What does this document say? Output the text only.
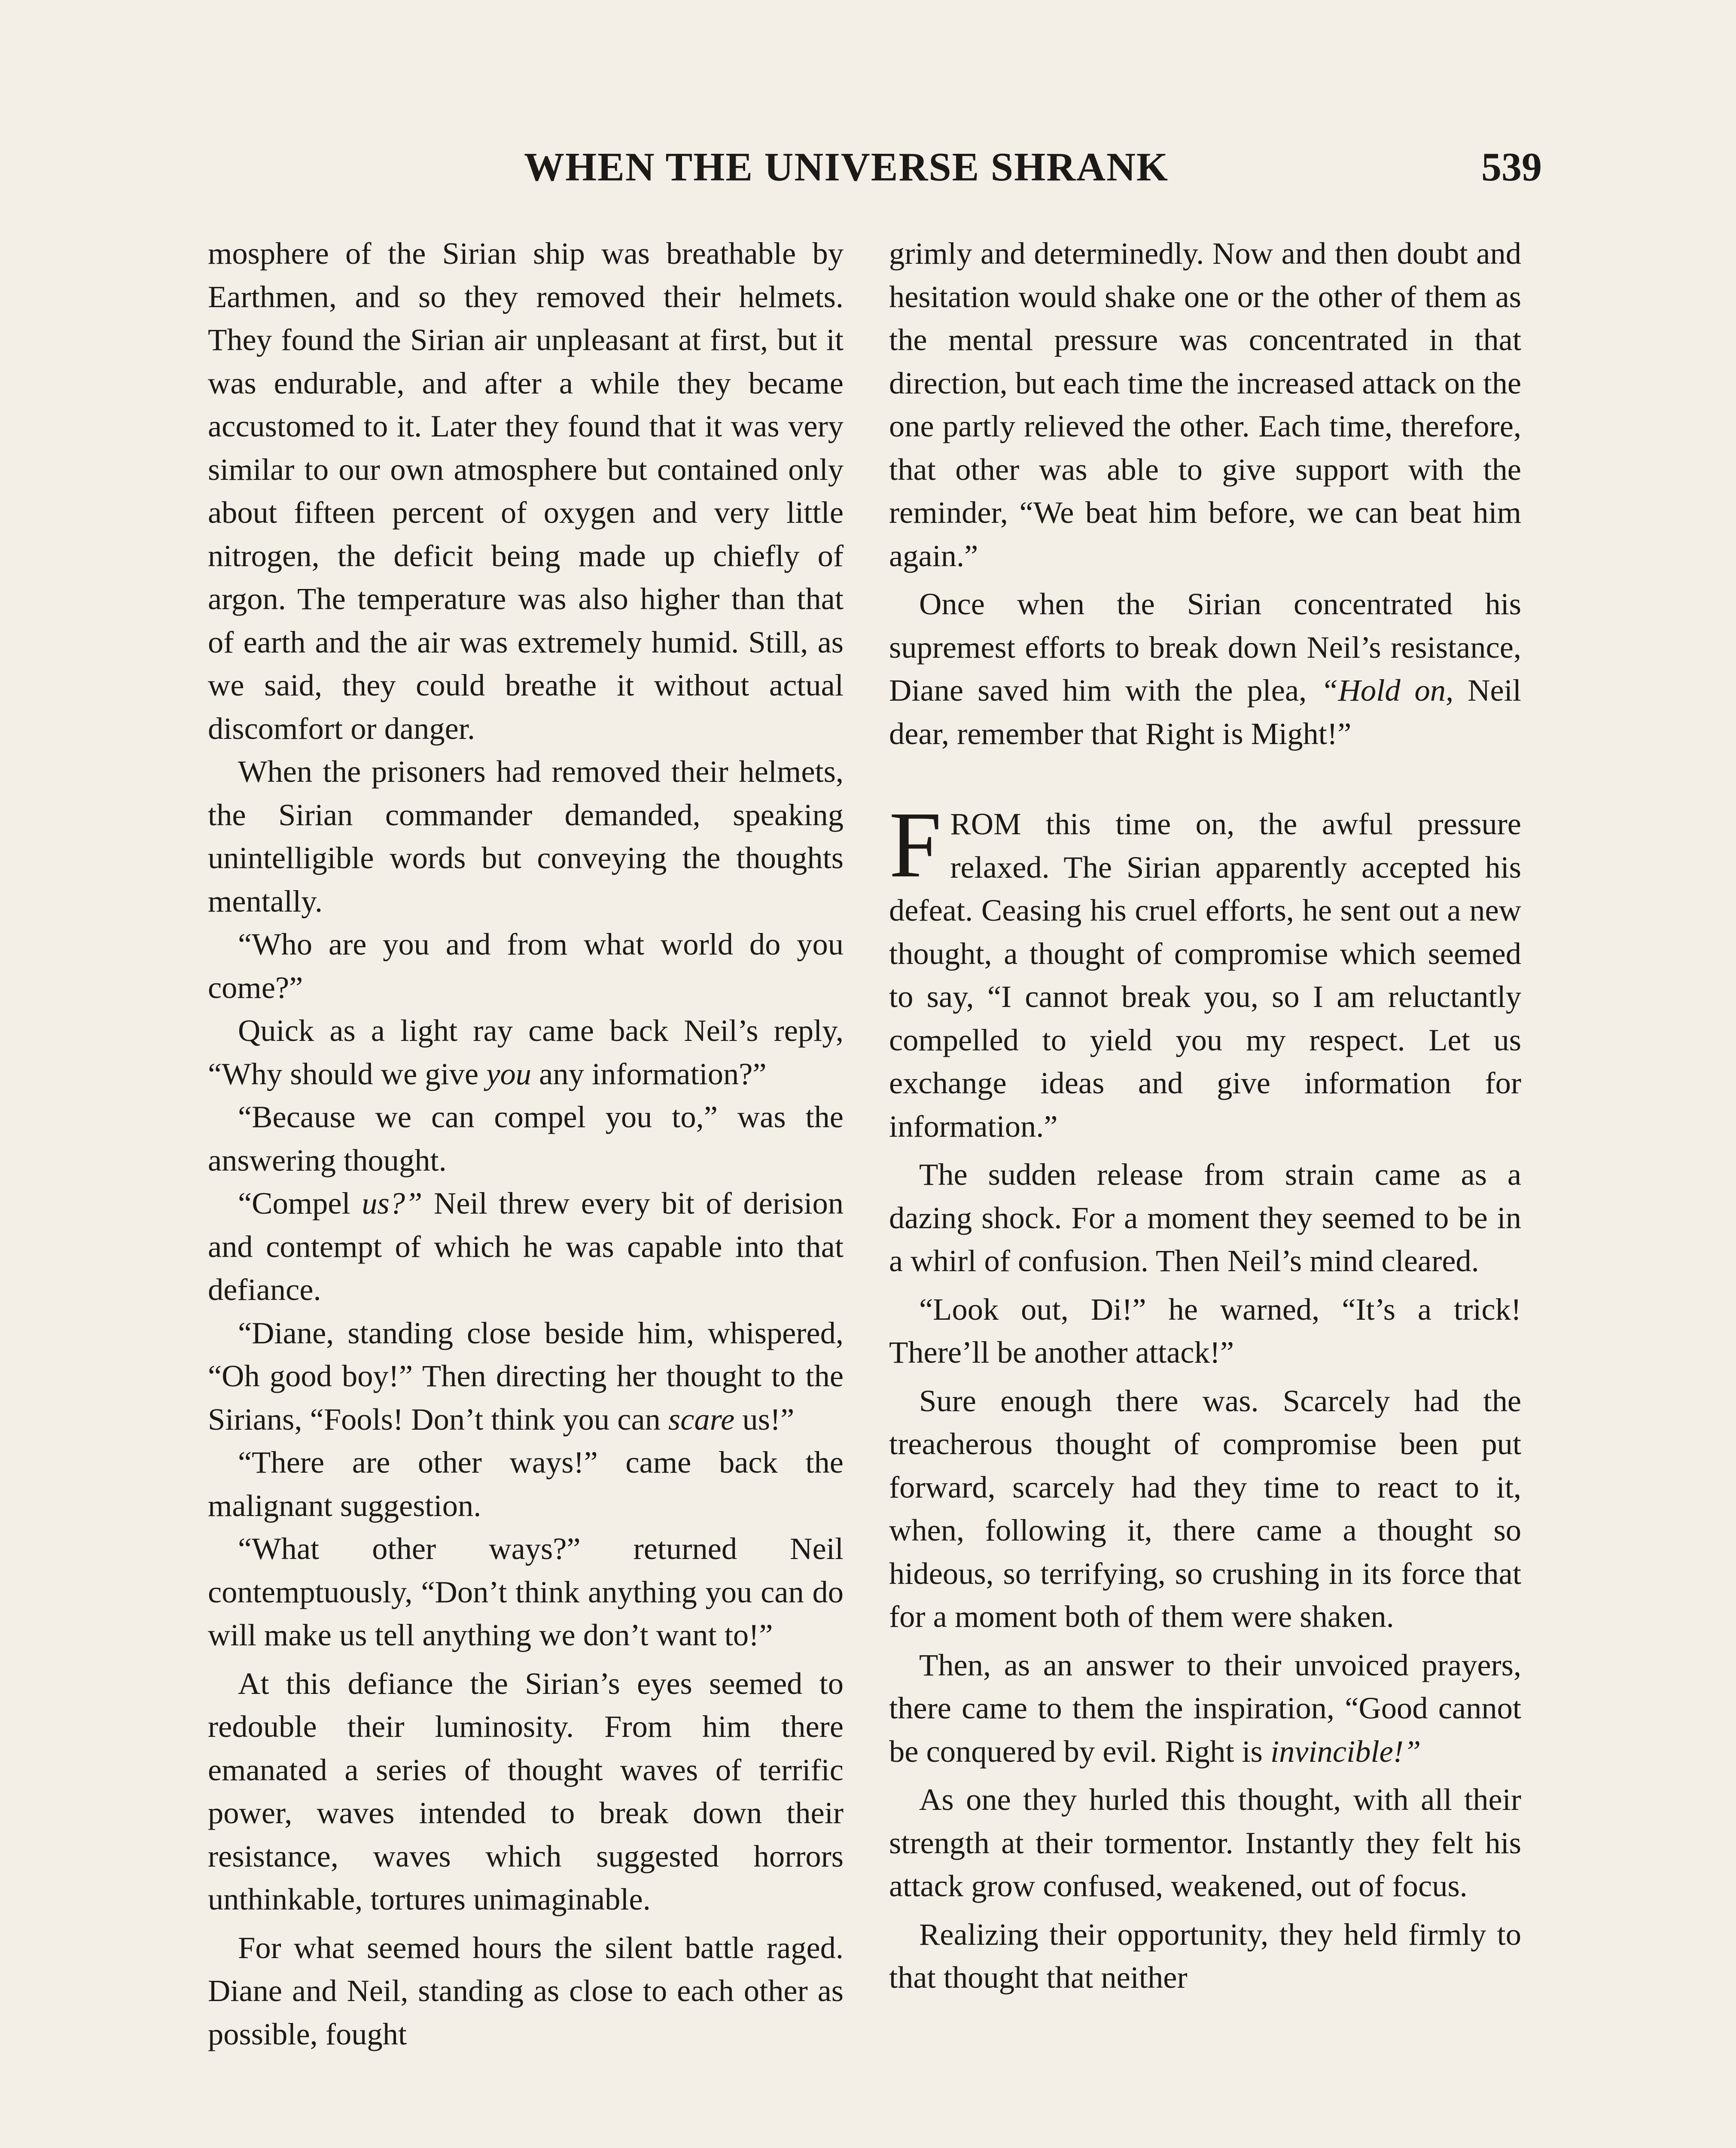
WHEN THE UNIVERSE SHRANK	539

mosphere of the Sirian ship was breathable by Earthmen, and so they removed their helmets. They found the Sirian air unpleasant at first, but it was endurable, and after a while they became accustomed to it. Later they found that it was very similar to our own atmosphere but contained only about fifteen percent of oxygen and very little nitrogen, the deficit being made up chiefly of argon. The temperature was also higher than that of earth and the air was extremely humid. Still, as we said, they could breathe it without actual discomfort or danger.

When the prisoners had removed their helmets, the Sirian commander demanded, speaking unintelligible words but conveying the thoughts mentally.

“Who are you and from what world do you come?”

Quick as a light ray came back Neil’s reply, “Why should we give you any information?”

“Because we can compel you to,” was the answering thought.

“Compel us?” Neil threw every bit of derision and contempt of which he was capable into that defiance.

“Diane, standing close beside him, whispered, “Oh good boy!” Then directing her thought to the Sirians, “Fools! Don’t think you can scare us!”

“There are other ways!” came back the malignant suggestion.

“What other ways?” returned Neil contemptuously, “Don’t think anything you can do will make us tell anything we don’t want to!”

At this defiance the Sirian’s eyes seemed to redouble their luminosity. From him there emanated a series of thought waves of terrific power, waves intended to break down their resistance, waves which suggested horrors unthinkable, tortures unimaginable.

For what seemed hours the silent battle raged. Diane and Neil, standing as close to each other as possible, fought

grimly and determinedly. Now and then doubt and hesitation would shake one or the other of them as the mental pressure was concentrated in that direction, but each time the increased attack on the one partly relieved the other. Each time, therefore, that other was able to give support with the reminder, “We beat him before, we can beat him again.”

Once when the Sirian concentrated his supremest efforts to break down Neil’s resistance, Diane saved him with the plea, “Hold on, Neil dear, remember that Right is Might!”

FROM this time on, the awful pressure relaxed. The Sirian apparently accepted his defeat. Ceasing his cruel efforts, he sent out a new thought, a thought of compromise which seemed to say, “I cannot break you, so I am reluctantly compelled to yield you my respect. Let us exchange ideas and give information for information.”

The sudden release from strain came as a dazing shock. For a moment they seemed to be in a whirl of confusion. Then Neil’s mind cleared.

“Look out, Di!” he warned, “It’s a trick! There’ll be another attack!”

Sure enough there was. Scarcely had the treacherous thought of compromise been put forward, scarcely had they time to react to it, when, following it, there came a thought so hideous, so terrifying, so crushing in its force that for a moment both of them were shaken.

Then, as an answer to their unvoiced prayers, there came to them the inspiration, “Good cannot be conquered by evil. Right is invincible!”

As one they hurled this thought, with all their strength at their tormentor. Instantly they felt his attack grow confused, weakened, out of focus.

Realizing their opportunity, they held firmly to that thought that neither
